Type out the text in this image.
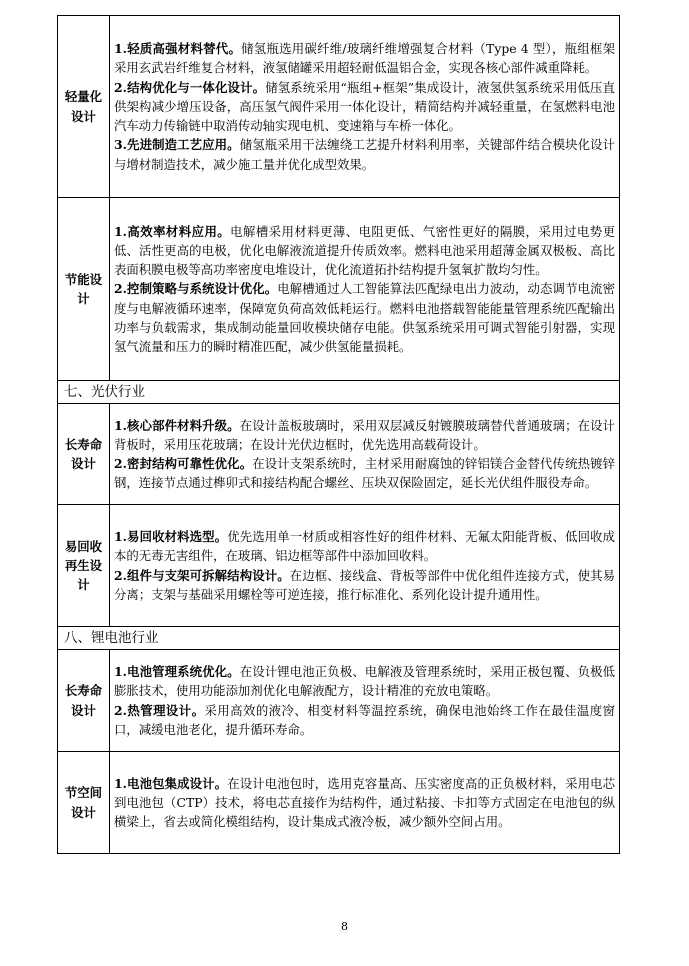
轻量化设计	1.轻质高强材料替代。储氢瓶选用碳纤维/玻璃纤维增强复合材料（Type 4 型），瓶组框架采用玄武岩纤维复合材料，液氢储罐采用超轻耐低温铝合金，实现各核心部件减重降耗。

2.结构优化与一体化设计。储氢系统采用“瓶组+框架”集成设计，液氢供氢系统采用低压直供架构减少增压设备，高压氢气阀件采用一体化设计，精简结构并减轻重量，在氢燃料电池汽车动力传输链中取消传动轴实现电机、变速箱与车桥一体化。

3.先进制造工艺应用。储氢瓶采用干法缠绕工艺提升材料利用率，关键部件结合模块化设计与增材制造技术，减少施工量并优化成型效果。

节能设计	1.高效率材料应用。电解槽采用材料更薄、电阻更低、气密性更好的隔膜，采用过电势更低、活性更高的电极，优化电解液流道提升传质效率。燃料电池采用超薄金属双极板、高比表面积膜电极等高功率密度电堆设计，优化流道拓扑结构提升氢氧扩散均匀性。

2.控制策略与系统设计优化。电解槽通过人工智能算法匹配绿电出力波动，动态调节电流密度与电解液循环速率，保障宽负荷高效低耗运行。燃料电池搭载智能能量管理系统匹配输出功率与负载需求，集成制动能量回收模块储存电能。供氢系统采用可调式智能引射器，实现氢气流量和压力的瞬时精准匹配，减少供氢能量损耗。

七、光伏行业	
长寿命设计	1.核心部件材料升级。在设计盖板玻璃时，采用双层减反射镀膜玻璃替代普通玻璃；在设计背板时，采用压花玻璃；在设计光伏边框时，优先选用高载荷设计。

2.密封结构可靠性优化。在设计支架系统时，主材采用耐腐蚀的锌铝镁合金替代传统热镀锌钢，连接节点通过榫卯式和接结构配合螺丝、压块双保险固定，延长光伏组件服役寿命。

易回收再生设计	1.易回收材料选型。优先选用单一材质或相容性好的组件材料、无氟太阳能背板、低回收成本的无毒无害组件，在玻璃、铝边框等部件中添加回收料。

2.组件与支架可拆解结构设计。在边框、接线盒、背板等部件中优化组件连接方式，使其易分离；支架与基础采用螺栓等可逆连接，推行标准化、系列化设计提升通用性。

八、锂电池行业	
长寿命设计	1.电池管理系统优化。在设计锂电池正负极、电解液及管理系统时，采用正极包覆、负极低膨胀技术，使用功能添加剂优化电解液配方，设计精准的充放电策略。

2.热管理设计。采用高效的液冷、相变材料等温控系统，确保电池始终工作在最佳温度窗口，减缓电池老化，提升循环寿命。

节空间设计	1.电池包集成设计。在设计电池包时，选用克容量高、压实密度高的正负极材料，采用电芯到电池包（CTP）技术，将电芯直接作为结构件，通过粘接、卡扣等方式固定在电池包的纵横梁上，省去或简化模组结构，设计集成式液冷板，减少额外空间占用。

8
